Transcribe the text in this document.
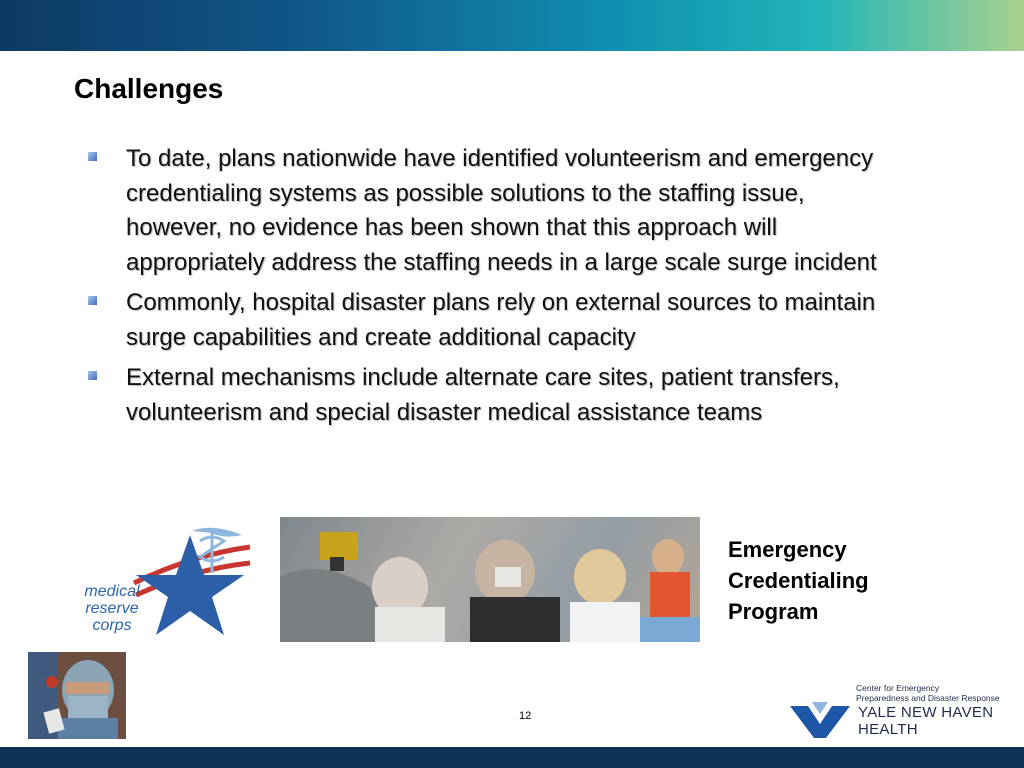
Challenges
To date, plans nationwide have identified volunteerism and emergency credentialing systems as possible solutions to the staffing issue, however, no evidence has been shown that this approach will appropriately address the staffing needs in a large scale surge incident
Commonly, hospital disaster plans rely on external sources to maintain surge capabilities and create additional capacity
External mechanisms include alternate care sites, patient transfers, volunteerism and special disaster medical assistance teams
medical
reserve
corps
Emergency
Credentialing
Program
12
Center for Emergency
Preparedness and Disaster Response
YALE NEW HAVEN
HEALTH
